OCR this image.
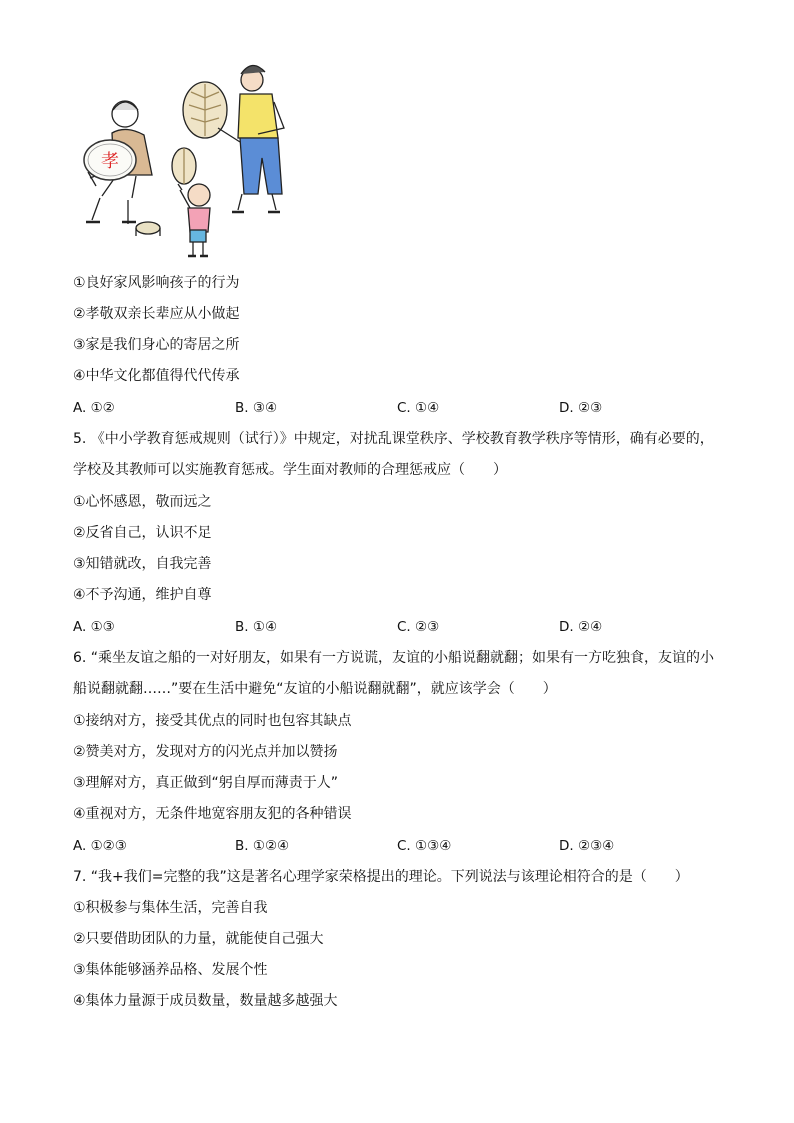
孝
①良好家风影响孩子的行为
②孝敬双亲长辈应从小做起
③家是我们身心的寄居之所
④中华文化都值得代代传承
A. ①②	B. ③④	C. ①④	D. ②③
5. 《中小学教育惩戒规则（试行）》中规定，对扰乱课堂秩序、学校教育教学秩序等情形，确有必要的，学校及其教师可以实施教育惩戒。学生面对教师的合理惩戒应（　　）
①心怀感恩，敬而远之
②反省自己，认识不足
③知错就改，自我完善
④不予沟通，维护自尊
A. ①③	B. ①④	C. ②③	D. ②④
6. “乘坐友谊之船的一对好朋友，如果有一方说谎，友谊的小船说翻就翻；如果有一方吃独食，友谊的小船说翻就翻……”要在生活中避免“友谊的小船说翻就翻”，就应该学会（　　）
①接纳对方，接受其优点的同时也包容其缺点
②赞美对方，发现对方的闪光点并加以赞扬
③理解对方，真正做到“躬自厚而薄责于人”
④重视对方，无条件地宽容朋友犯的各种错误
A. ①②③	B. ①②④	C. ①③④	D. ②③④
7. “我+我们=完整的我”这是著名心理学家荣格提出的理论。下列说法与该理论相符合的是（　　）
①积极参与集体生活，完善自我
②只要借助团队的力量，就能使自己强大
③集体能够涵养品格、发展个性
④集体力量源于成员数量，数量越多越强大
